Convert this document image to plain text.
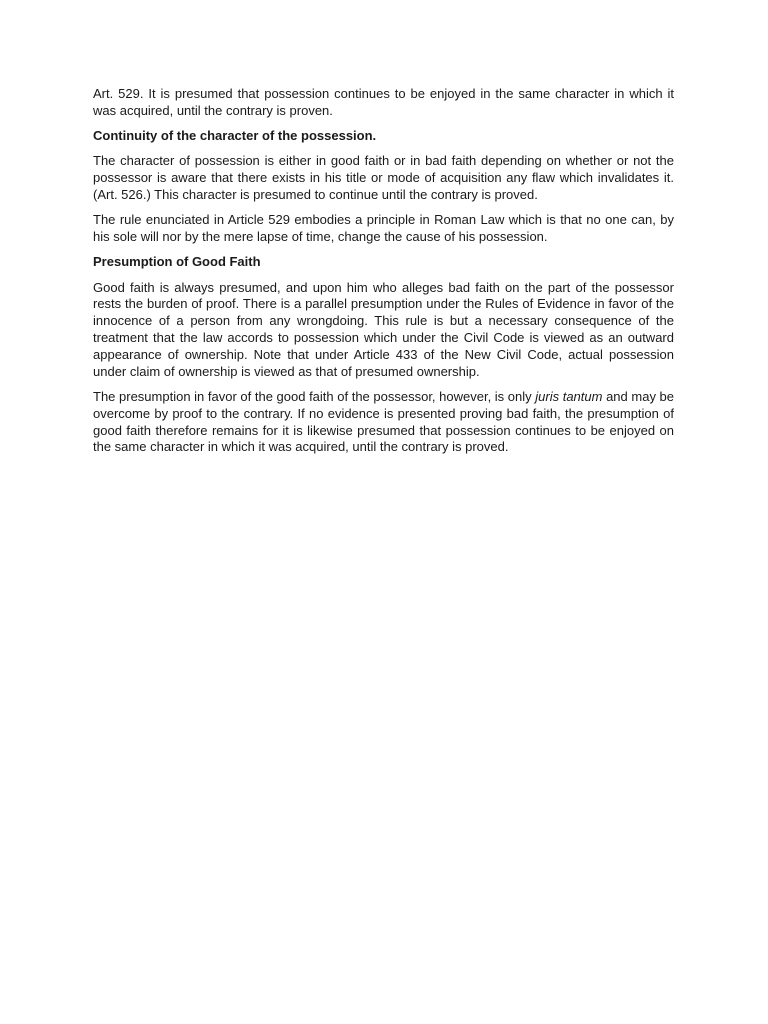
Art. 529. It is presumed that possession continues to be enjoyed in the same character in which it was acquired, until the contrary is proven.

Continuity of the character of the possession.

The character of possession is either in good faith or in bad faith depending on whether or not the possessor is aware that there exists in his title or mode of acquisition any flaw which invalidates it. (Art. 526.) This character is presumed to continue until the contrary is proved.

The rule enunciated in Article 529 embodies a principle in Roman Law which is that no one can, by his sole will nor by the mere lapse of time, change the cause of his possession.

Presumption of Good Faith

Good faith is always presumed, and upon him who alleges bad faith on the part of the possessor rests the burden of proof. There is a parallel presumption under the Rules of Evidence in favor of the innocence of a person from any wrongdoing. This rule is but a necessary consequence of the treatment that the law accords to possession which under the Civil Code is viewed as an outward appearance of ownership. Note that under Article 433 of the New Civil Code, actual possession under claim of ownership is viewed as that of presumed ownership.

The presumption in favor of the good faith of the possessor, however, is only juris tantum and may be overcome by proof to the contrary. If no evidence is presented proving bad faith, the presumption of good faith therefore remains for it is likewise presumed that possession continues to be enjoyed on the same character in which it was acquired, until the contrary is proved.
